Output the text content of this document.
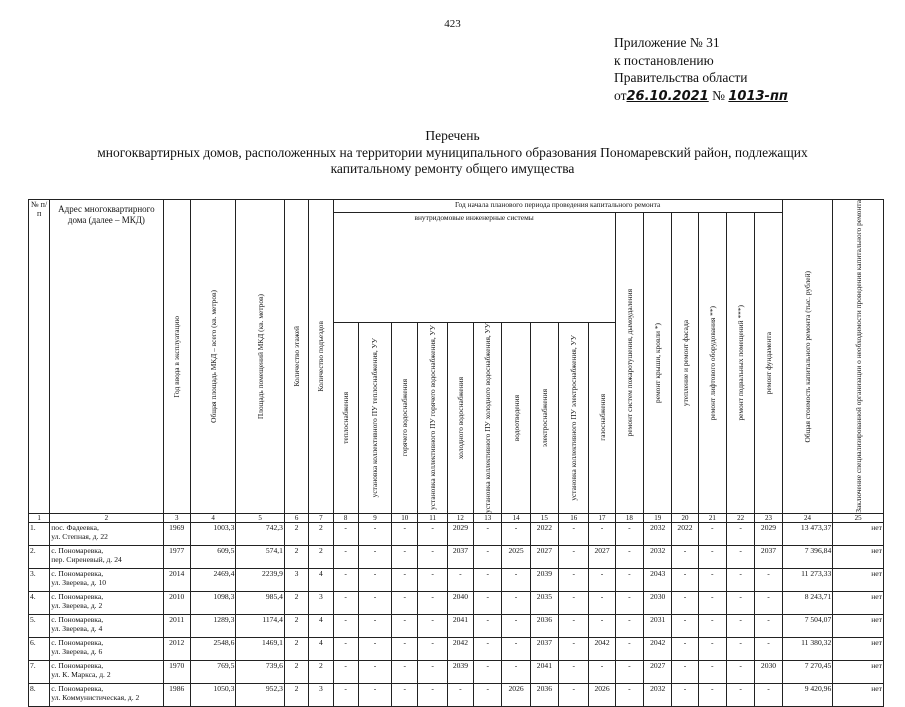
423
Приложение № 31
к постановлению
Правительства области
от26.10.2021 № 1013-пп
Перечень
многоквартирных домов, расположенных на территории муниципального образования Пономаревский район, подлежащих
капитальному ремонту общего имущества
№ п/п	Адрес многоквартирного дома (далее – МКД)	Год ввода в эксплуатацию	Общая площадь МКД – всего (кв. метров)	Площадь помещений МКД (кв. метров)	Количество этажей	Количество подъездов	Год начала планового периода проведения капитального ремонта																Общая стоимость капитального ремонта (тыс. рублей)	Заключение специализированной организации о необходимости проведения капитального ремонта

							внутридомовые инженерные системы										ремонт систем пожаротушения, дымоудаления	ремонт крыши, кровли *)	утепление и ремонт фасада	ремонт лифтового оборудования **)	ремонт подвальных помещений ***)	ремонт фундамента		

							теплоснабжения	установка коллективного ПУ теплоснабжения, УУ	горячего водоснабжения	установка коллективного ПУ горячего водоснабжения, УУ	холодного водоснабжения	установка коллективного ПУ холодного водоснабжения, УУ	водоотведения	электроснабжения	установка коллективного ПУ электроснабжения, УУ	газоснабжения								

1	2	3	4	5	6	7	8	9	10	11	12	13	14	15	16	17	18	19	20	21	22	23	24	25
1.	пос. Фадеевка,
ул. Степная, д. 22	1969	1003,3	742,3	2	2	-	-	-	-	2029	-	-	2022	-	-	-	2032	2022	-	-	2029	13 473,37	нет
2.	с. Пономаревка,
пер. Сиреневый, д. 24	1977	609,5	574,1	2	2	-	-	-	-	2037	-	2025	2027	-	2027	-	2032	-	-	-	2037	7 396,84	нет
3.	с. Пономаревка,
ул. Зверева, д. 10	2014	2469,4	2239,9	3	4	-	-	-	-	-	-	-	2039	-	-	-	2043	-	-	-	-	11 273,33	нет
4.	с. Пономаревка,
ул. Зверева, д. 2	2010	1098,3	985,4	2	3	-	-	-	-	2040	-	-	2035	-	-	-	2030	-	-	-	-	8 243,71	нет
5.	с. Пономаревка,
ул. Зверева, д. 4	2011	1289,3	1174,4	2	4	-	-	-	-	2041	-	-	2036	-	-	-	2031	-	-	-	-	7 504,07	нет
6.	с. Пономаревка,
ул. Зверева, д. 6	2012	2548,6	1469,1	2	4	-	-	-	-	2042	-	-	2037	-	2042	-	2042	-	-	-	-	11 380,32	нет
7.	с. Пономаревка,
ул. К. Маркса, д. 2	1970	769,5	739,6	2	2	-	-	-	-	2039	-	-	2041	-	-	-	2027	-	-	-	2030	7 270,45	нет
8.	с. Пономаревка,
ул. Коммунистическая, д. 2	1986	1050,3	952,3	2	3	-	-	-	-	-	-	2026	2036	-	2026	-	2032	-	-	-	-	9 420,96	нет
